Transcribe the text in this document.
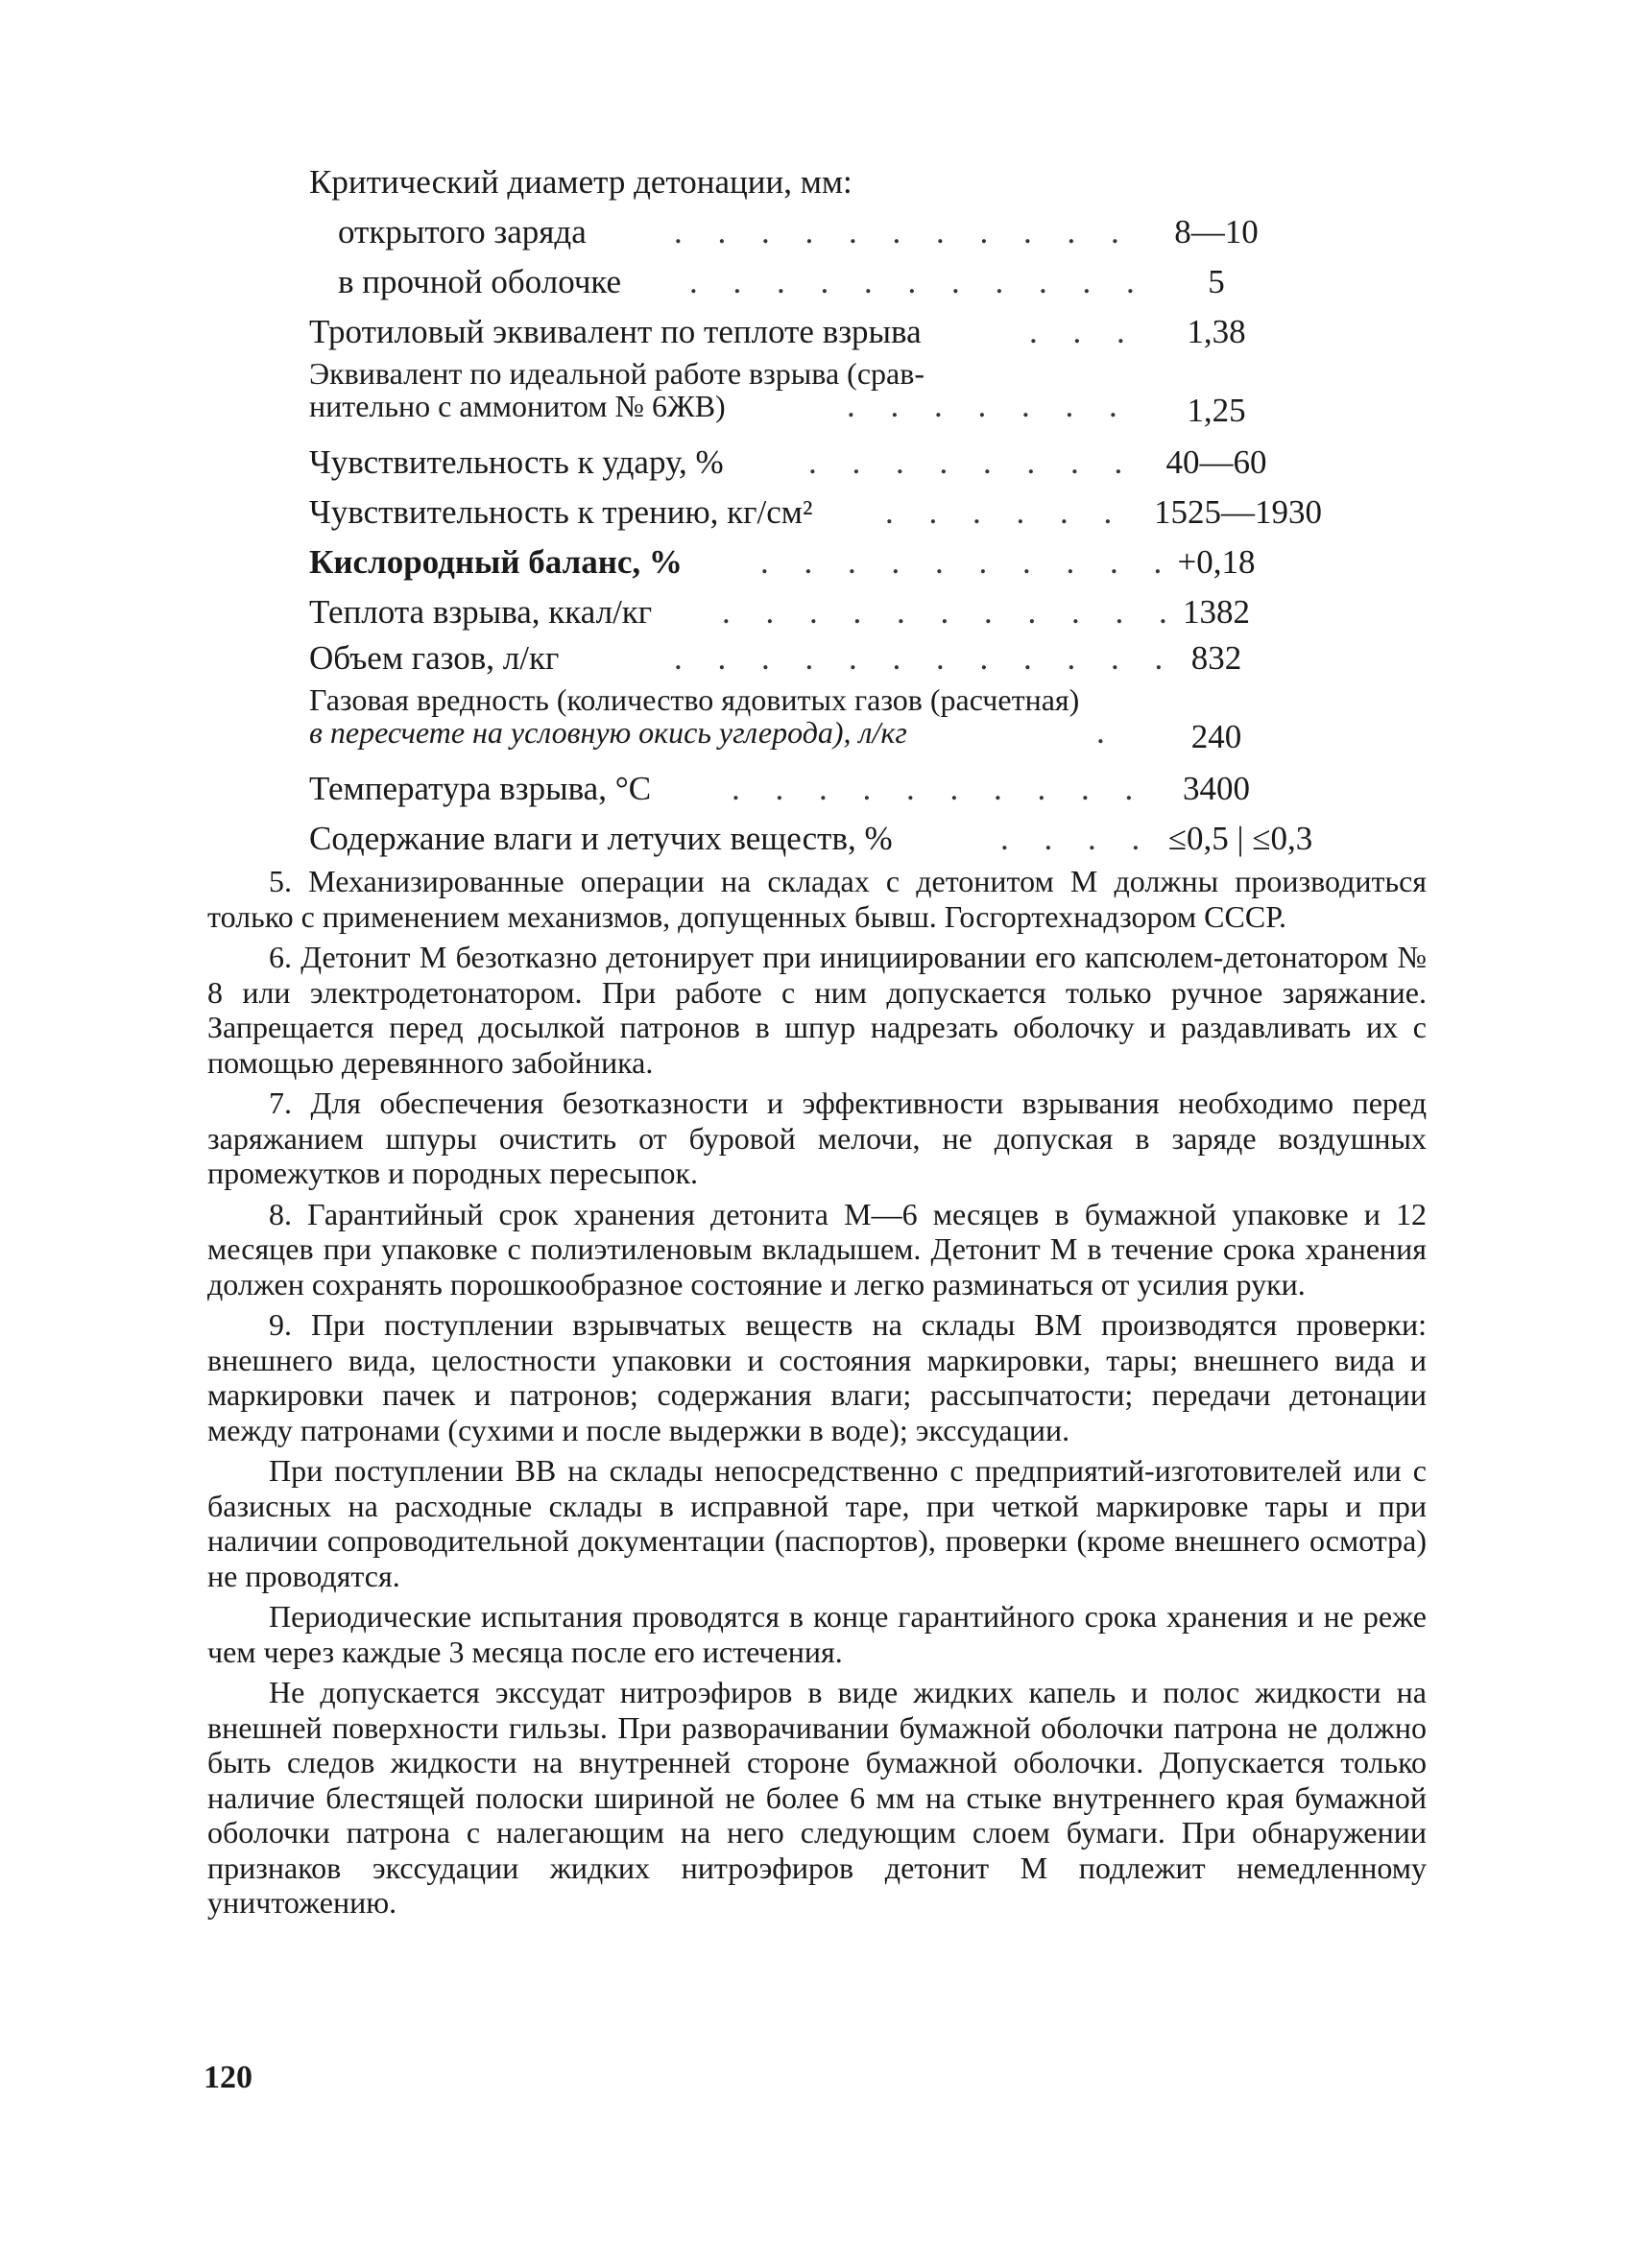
Критический диаметр детонации, мм:
открытого заряда	. . . . . . . . . . .	8—10
в прочной оболочке . . . . . . . . . . .	5
Тротиловый эквивалент по теплоте взрыва	. . .	1,38
Эквивалент по идеальной работе взрыва (срав-
нительно с аммонитом № 6ЖВ)	. . . . . . .	1,25
Чувствительность к удару, %	. . . . . . . . 40—60
Чувствительность к трению, кг/см² . . . . . . 1525—1930
Кислородный баланс, % . . . . . . . . . . +0,18
Теплота взрыва, ккал/кг . . . . . . . . . . . 1382
Объем газов, л/кг	. . . . . . . . . . . . 832
Газовая вредность (количество ядовитых газов (расчетная)
в пересчете на условную окись углерода), л/кг	.	240
Температура взрыва, °С . . . . . . . . . .	3400
Содержание влаги и летучих веществ, %	. . . . ≤0,5 | ≤0,3

5. Механизированные операции на складах с детонитом М должны производиться только с применением механизмов, допущенных бывш. Госгортехнадзором СССР.

6. Детонит М безотказно детонирует при инициировании его капсюлем-детонатором № 8 или электродетонатором. При работе с ним допускается только ручное заряжание. Запрещается перед досылкой патронов в шпур надрезать оболочку и раздавливать их с помощью деревянного забойника.

7. Для обеспечения безотказности и эффективности взрывания необходимо перед заряжанием шпуры очистить от буровой мелочи, не допуская в заряде воздушных промежутков и породных пересыпок.

8. Гарантийный срок хранения детонита М—6 месяцев в бумажной упаковке и 12 месяцев при упаковке с полиэтиленовым вкладышем. Детонит М в течение срока хранения должен сохранять порошкообразное состояние и легко разминаться от усилия руки.

9. При поступлении взрывчатых веществ на склады ВМ производятся проверки: внешнего вида, целостности упаковки и состояния маркировки, тары; внешнего вида и маркировки пачек и патронов; содержания влаги; рассыпчатости; передачи детонации между патронами (сухими и после выдержки в воде); экссудации.

При поступлении ВВ на склады непосредственно с предприятий-изготовителей или с базисных на расходные склады в исправной таре, при четкой маркировке тары и при наличии сопроводительной документации (паспортов), проверки (кроме внешнего осмотра) не проводятся.

Периодические испытания проводятся в конце гарантийного срока хранения и не реже чем через каждые 3 месяца после его истечения.

Не допускается экссудат нитроэфиров в виде жидких капель и полос жидкости на внешней поверхности гильзы. При разворачивании бумажной оболочки патрона не должно быть следов жидкости на внутренней стороне бумажной оболочки. Допускается только наличие блестящей полоски шириной не более 6 мм на стыке внутреннего края бумажной оболочки патрона с налегающим на него следующим слоем бумаги. При обнаружении признаков экссудации жидких нитроэфиров детонит М подлежит немедленному уничтожению.

120
